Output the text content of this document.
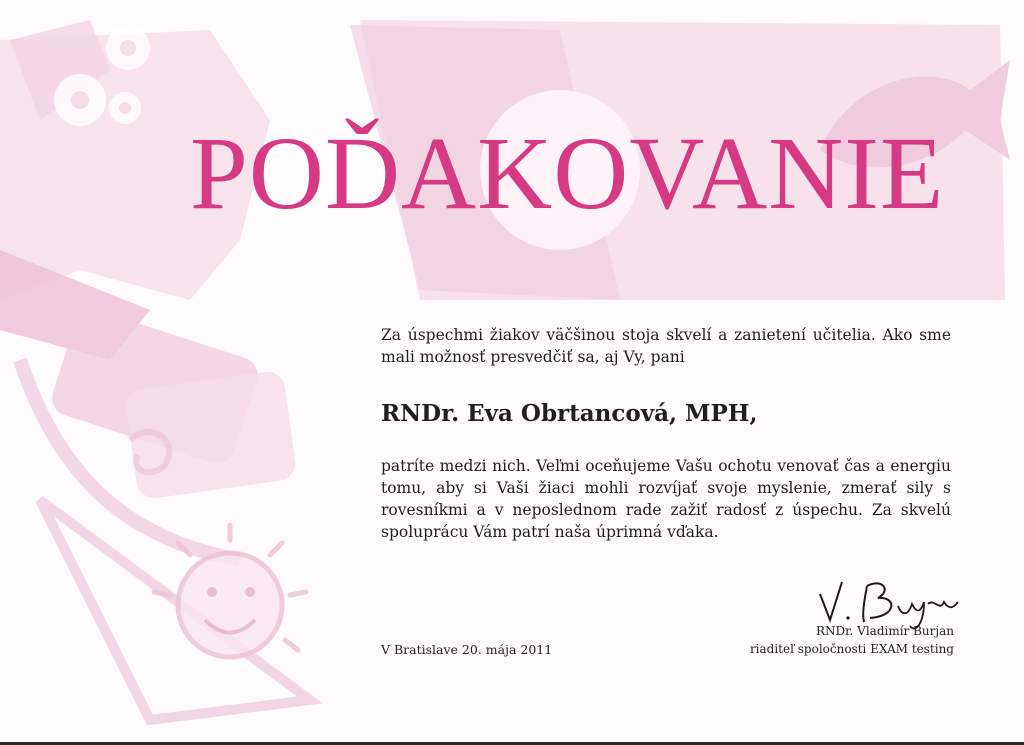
POĎAKOVANIE

Za úspechmi žiakov väčšinou stoja skvelí a zanietení učitelia. Ako sme mali možnosť presvedčiť sa, aj Vy, pani

RNDr. Eva Obrtancová, MPH,

patríte medzi nich. Veľmi oceňujeme Vašu ochotu venovať čas a energiu tomu, aby si Vaši žiaci mohli rozvíjať svoje myslenie, zmerať sily s rovesníkmi a v neposlednom rade zažiť radosť z úspechu. Za skvelú spoluprácu Vám patrí naša úprimná vďaka.

V Bratislave 20. mája 2011
RNDr. Vladimír Burjan
riaditeľ spoločnosti EXAM testing
